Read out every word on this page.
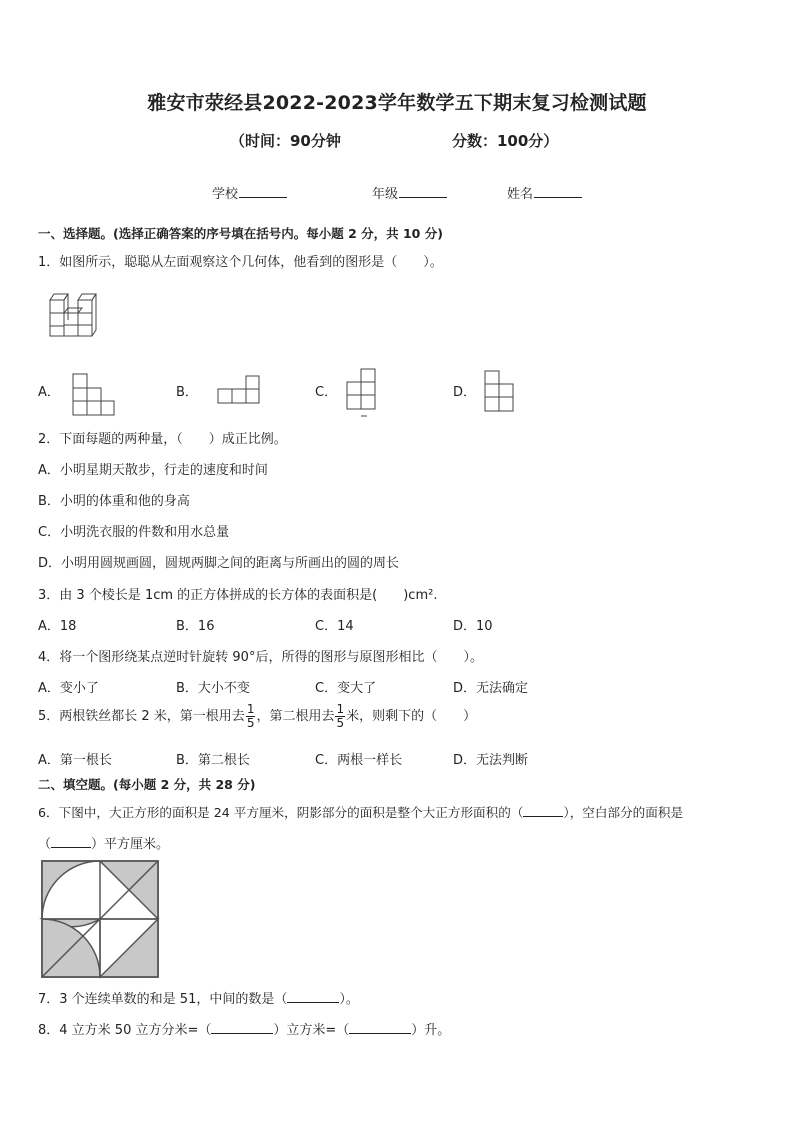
雅安市荥经县2022-2023学年数学五下期末复习检测试题
（时间：90分钟	分数：100分）
学校	年级	姓名
一、选择题。(选择正确答案的序号填在括号内。每小题 2 分，共 10 分)
1．如图所示，聪聪从左面观察这个几何体，他看到的图形是（　　）。
A．	B．	C．	D．
2．下面每题的两种量，（　　）成正比例。
A．小明星期天散步，行走的速度和时间
B．小明的体重和他的身高
C．小明洗衣服的件数和用水总量
D．小明用圆规画圆，圆规两脚之间的距离与所画出的圆的周长
3．由 3 个棱长是 1cm 的正方体拼成的长方体的表面积是(　　)cm².
A．18	B．16	C．14	D．10
4．将一个图形绕某点逆时针旋转 90°后，所得的图形与原图形相比（　　）。
A．变小了	B．大小不变	C．变大了	D．无法确定
5．两根铁丝都长 2 米，第一根用去 $\frac{1}{5}$ ，第二根用去 $\frac{1}{5}$ 米，则剩下的（　　）
A．第一根长	B．第二根长	C．两根一样长	D．无法判断
二、填空题。(每小题 2 分，共 28 分)
6．下图中，大正方形的面积是 24 平方厘米，阴影部分的面积是整个大正方形面积的（	），空白部分的面积是
（	）平方厘米。
7．3 个连续单数的和是 51，中间的数是（	）。
8．4 立方米 50 立方分米=（	）立方米=（	）升。
